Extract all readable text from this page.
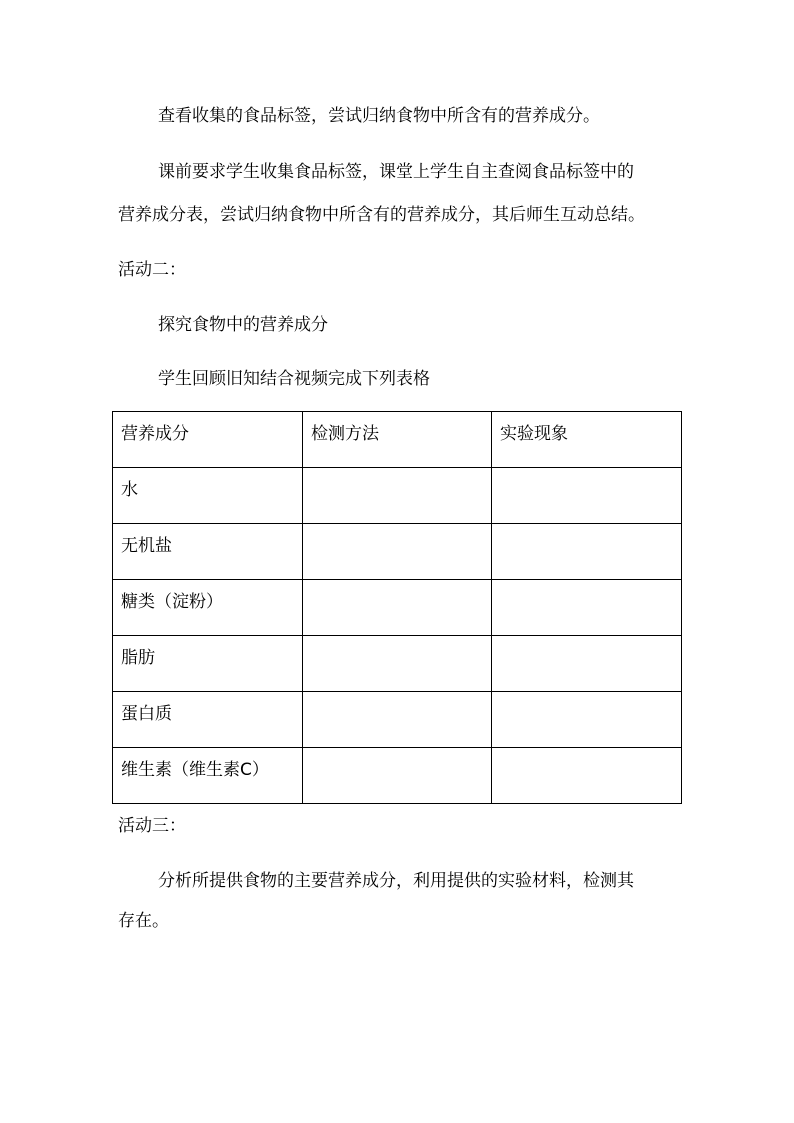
查看收集的食品标签，尝试归纳食物中所含有的营养成分。
课前要求学生收集食品标签，课堂上学生自主查阅食品标签中的
营养成分表，尝试归纳食物中所含有的营养成分，其后师生互动总结。
活动二：
探究食物中的营养成分
学生回顾旧知结合视频完成下列表格
营养成分	检测方法	实验现象

水		

无机盐		

糖类（淀粉）		

脂肪		

蛋白质		

维生素（维生素C）		

活动三：
分析所提供食物的主要营养成分，利用提供的实验材料，检测其
存在。
